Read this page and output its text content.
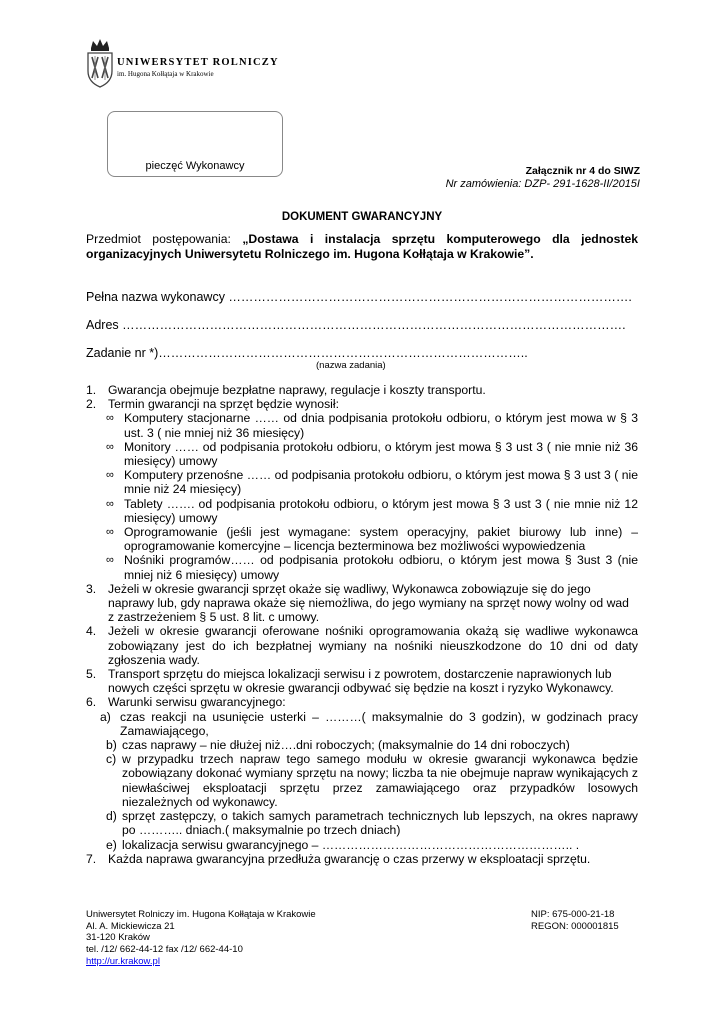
UNIWERSYTET ROLNICZY
im. Hugona Kołłątaja w Krakowie
pieczęć Wykonawcy	Załącznik nr 4 do SIWZ
Nr zamówienia: DZP- 291-1628-II/2015I
DOKUMENT GWARANCYJNY
Przedmiot postępowania: „Dostawa i instalacja sprzętu komputerowego dla jednostek organizacyjnych Uniwersytetu Rolniczego im. Hugona Kołłątaja w Krakowie”.
Pełna nazwa wykonawcy …………………………………………………………………………………….
Adres ………………………………………………………………………………………………………….
Zadanie nr *)……………………………………………………………………………..
(nazwa zadania)
1. Gwarancja obejmuje bezpłatne naprawy, regulacje i koszty transportu.
2. Termin gwarancji na sprzęt będzie wynosił:
∞ Komputery stacjonarne …… od dnia podpisania protokołu odbioru, o którym jest mowa w § 3 ust. 3 ( nie mniej niż 36 miesięcy)
∞ Monitory …… od podpisania protokołu odbioru, o którym jest mowa § 3 ust 3 ( nie mnie niż 36 miesięcy) umowy
∞ Komputery przenośne …… od podpisania protokołu odbioru, o którym jest mowa § 3 ust 3 ( nie mnie niż 24 miesięcy)
∞ Tablety ……. od podpisania protokołu odbioru, o którym jest mowa § 3 ust 3 ( nie mnie niż 12 miesięcy) umowy
∞ Oprogramowanie (jeśli jest wymagane: system operacyjny, pakiet biurowy lub inne) – oprogramowanie komercyjne – licencja bezterminowa bez możliwości wypowiedzenia
∞ Nośniki programów…… od podpisania protokołu odbioru, o którym jest mowa § 3ust 3 (nie mniej niż 6 miesięcy) umowy
3. Jeżeli w okresie gwarancji sprzęt okaże się wadliwy, Wykonawca zobowiązuje się do jego naprawy lub, gdy naprawa okaże się niemożliwa, do jego wymiany na sprzęt nowy wolny od wad z zastrzeżeniem § 5 ust. 8 lit. c umowy.
4. Jeżeli w okresie gwarancji oferowane nośniki oprogramowania okażą się wadliwe wykonawca zobowiązany jest do ich bezpłatnej wymiany na nośniki nieuszkodzone do 10 dni od daty zgłoszenia wady.
5. Transport sprzętu do miejsca lokalizacji serwisu i z powrotem, dostarczenie naprawionych lub nowych części sprzętu w okresie gwarancji odbywać się będzie na koszt i ryzyko Wykonawcy.
6. Warunki serwisu gwarancyjnego:
a) czas reakcji na usunięcie usterki – ………( maksymalnie do 3 godzin), w godzinach pracy Zamawiającego,
b) czas naprawy – nie dłużej niż….dni roboczych; (maksymalnie do 14 dni roboczych)
c) w przypadku trzech napraw tego samego modułu w okresie gwarancji wykonawca będzie zobowiązany dokonać wymiany sprzętu na nowy; liczba ta nie obejmuje napraw wynikających z niewłaściwej eksploatacji sprzętu przez zamawiającego oraz przypadków losowych niezależnych od wykonawcy.
d) sprzęt zastępczy, o takich samych parametrach technicznych lub lepszych, na okres naprawy po ……….. dniach.( maksymalnie po trzech dniach)
e) lokalizacja serwisu gwarancyjnego – …………………………………………………….. .
7. Każda naprawa gwarancyjna przedłuża gwarancję o czas przerwy w eksploatacji sprzętu.
Uniwersytet Rolniczy im. Hugona Kołłątaja w Krakowie
Al. A. Mickiewicza 21
31-120 Kraków
tel. /12/ 662-44-12 fax /12/ 662-44-10
http://ur.krakow.pl
NIP: 675-000-21-18
REGON: 000001815
